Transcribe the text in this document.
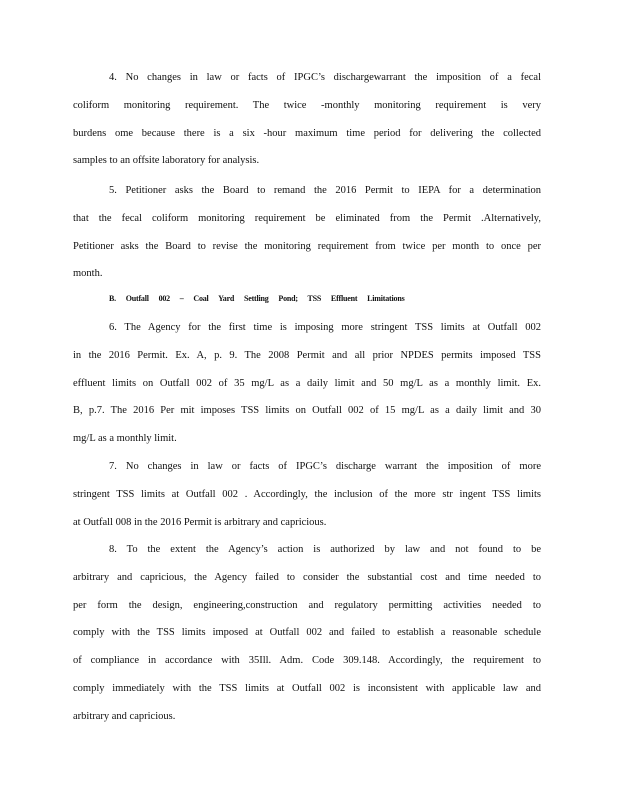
4. No changes in law or facts of IPGC’s dischargewarrant the imposition of a fecal
coliform monitoring requirement. The twice -monthly monitoring requirement is very
burdens ome because there is a six -hour maximum time period for delivering the collected
samples to an offsite laboratory for analysis.
5. Petitioner asks the Board to remand the 2016 Permit to IEPA for a determination
that the fecal coliform monitoring requirement be eliminated from the Permit .Alternatively,
Petitioner asks the Board to revise the monitoring requirement from twice per month to once per
month.
B. Outfall 002 – Coal Yard Settling Pond; TSS Effluent Limitations
6. The Agency for the first time is imposing more stringent TSS limits at Outfall 002
in the 2016 Permit. Ex. A, p. 9. The 2008 Permit and all prior NPDES permits imposed TSS
effluent limits on Outfall 002 of 35 mg/L as a daily limit and 50 mg/L as a monthly limit. Ex.
B, p.7. The 2016 Per mit imposes TSS limits on Outfall 002 of 15 mg/L as a daily limit and 30
mg/L as a monthly limit.
7. No changes in law or facts of IPGC’s discharge warrant the imposition of more
stringent TSS limits at Outfall 002 . Accordingly, the inclusion of the more str ingent TSS limits
at Outfall 008 in the 2016 Permit is arbitrary and capricious.
8. To the extent the Agency’s action is authorized by law and not found to be
arbitrary and capricious, the Agency failed to consider the substantial cost and time needed to
per form the design, engineering,construction and regulatory permitting activities needed to
comply with the TSS limits imposed at Outfall 002 and failed to establish a reasonable schedule
of compliance in accordance with 35Ill. Adm. Code 309.148. Accordingly, the requirement to
comply immediately with the TSS limits at Outfall 002 is inconsistent with applicable law and
arbitrary and capricious.
